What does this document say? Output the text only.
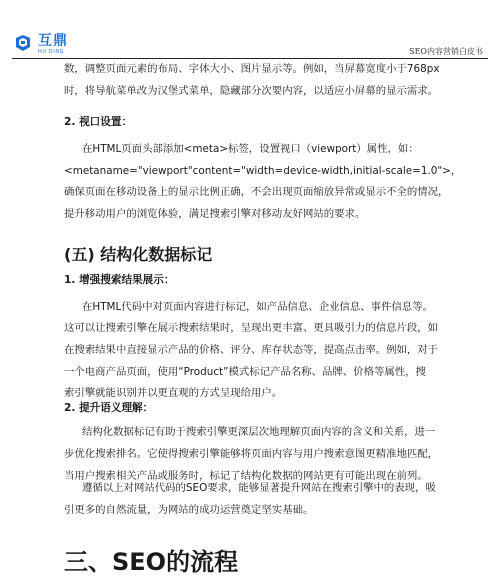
互鼎
HU DING	SEO内容营销白皮书
数，调整页面元素的布局、字体大小、图片显示等。例如，当屏幕宽度小于768px
时，将导航菜单改为汉堡式菜单，隐藏部分次要内容，以适应小屏幕的显示需求。
2. 视口设置：
在HTML页面头部添加<meta>标签，设置视口（viewport）属性，如：
<metaname="viewport"content="width=device-width,initial-scale=1.0">，
确保页面在移动设备上的显示比例正确，不会出现页面缩放异常或显示不全的情况，
提升移动用户的浏览体验，满足搜索引擎对移动友好网站的要求。
(五) 结构化数据标记
1. 增强搜索结果展示：
在HTML代码中对页面内容进行标记，如产品信息、企业信息、事件信息等。
这可以让搜索引擎在展示搜索结果时，呈现出更丰富、更具吸引力的信息片段，如
在搜索结果中直接显示产品的价格、评分、库存状态等，提高点击率。例如，对于
一个电商产品页面，使用“Product”模式标记产品名称、品牌、价格等属性，搜
索引擎就能识别并以更直观的方式呈现给用户。
2. 提升语义理解：
结构化数据标记有助于搜索引擎更深层次地理解页面内容的含义和关系，进一
步优化搜索排名。它使得搜索引擎能够将页面内容与用户搜索意图更精准地匹配，
当用户搜索相关产品或服务时，标记了结构化数据的网站更有可能出现在前列。
遵循以上对网站代码的SEO要求，能够显著提升网站在搜索引擎中的表现，吸
引更多的自然流量，为网站的成功运营奠定坚实基础。
三、SEO的流程
